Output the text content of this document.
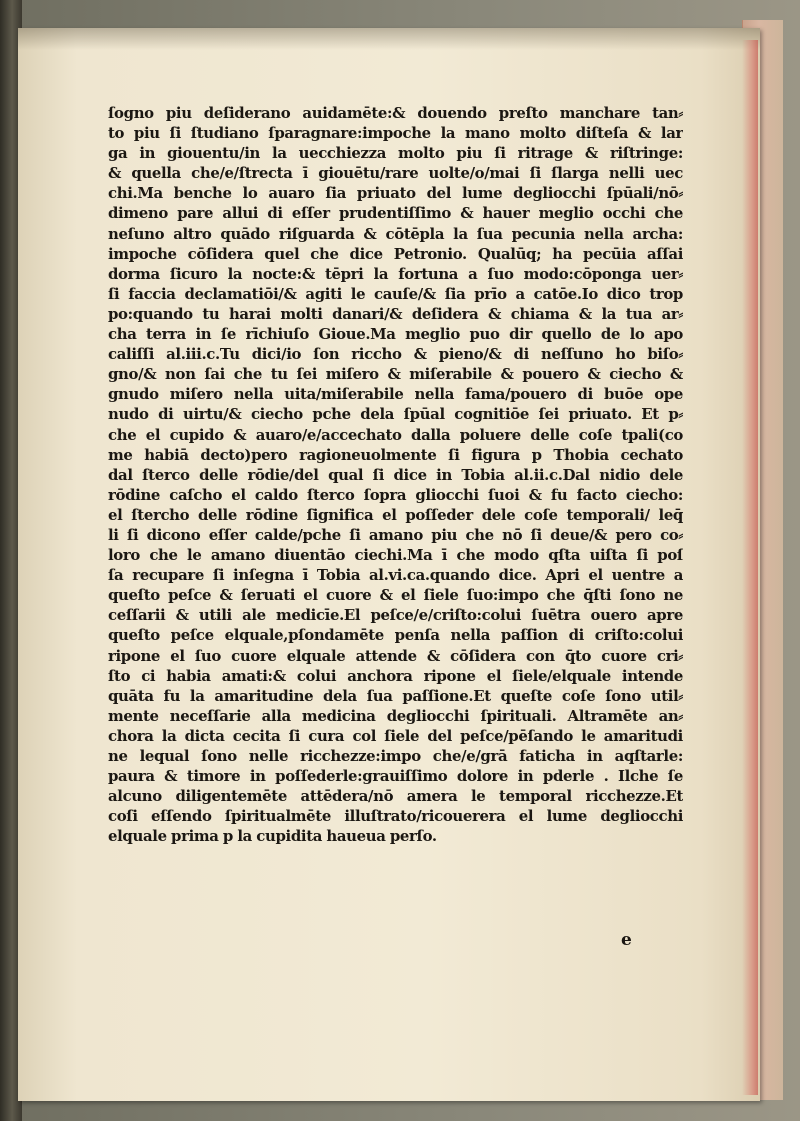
ſogno piu deſiderano auidamēte:& douendo preſto manchare tan⸗
to piu ſi ſtudiano ſparagnare:impoche la mano molto diſteſa & lar
ga in giouentu/in la uecchiezza molto piu ſi ritrage & riſtringe:
& quella che/e/ſtrecta ī giouētu/rare uolte/o/mai ſi ſlarga nelli uec
chi.Ma benche lo auaro ſia priuato del lume degliocchi ſpūali/nō⸗
dimeno pare allui di eſſer prudentiſſimo & hauer meglio occhi che
neſuno altro quādo riſguarda & cōtēpla la ſua pecunia nella archa:
impoche cōſidera quel che dice Petronio. Qualūq; ha pecūia aſſai
dorma ſicuro la nocte:& tēpri la fortuna a ſuo modo:cōponga uer⸗
ſi faccia declamatiōi/& agiti le cauſe/& ſia prīo a catōe.Io dico trop
po:quando tu harai molti danari/& deſidera & chiama & la tua ar⸗
cha terra in ſe rīchiuſo Gioue.Ma meglio puo dir quello de lo apo
caliſſi al.iii.c.Tu dici/io ſon riccho & pieno/& di neſſuno ho biſo⸗
gno/& non ſai che tu ſei miſero & miſerabile & pouero & ciecho &
gnudo miſero nella uita/miſerabile nella fama/pouero di buōe ope
nudo di uirtu/& ciecho pche dela ſpūal cognitiōe ſei priuato. Et p⸗
che el cupido & auaro/e/accechato dalla poluere delle coſe tpali(co
me habiā decto)pero ragioneuolmente ſi figura p Thobia cechato
dal ſterco delle rōdie/del qual ſi dice in Tobia al.ii.c.Dal nidio dele
rōdine caſcho el caldo ſterco ſopra gliocchi ſuoi & fu facto ciecho:
el ſtercho delle rōdine ſignifica el poſſeder dele coſe temporali/ leq̄
li ſi dicono eſſer calde/pche ſi amano piu che nō ſi deue/& pero co⸗
loro che le amano diuentāo ciechi.Ma ī che modo qſta uiſta ſi poſ
ſa recupare ſi inſegna ī Tobia al.vi.ca.quando dice. Apri el uentre a
queſto peſce & ſeruati el cuore & el ſiele ſuo:impo che q̄ſti ſono ne
ceſſarii & utili ale medicīe.El peſce/e/criſto:colui ſuētra ouero apre
queſto peſce elquale,pſondamēte penſa nella paſſion di criſto:colui
ripone el ſuo cuore elquale attende & cōſidera con q̄to cuore cri⸗
ſto ci habia amati:& colui anchora ripone el ſiele/elquale intende
quāta fu la amaritudine dela ſua paſſione.Et queſte coſe ſono util⸗
mente neceſſarie alla medicina degliocchi ſpirituali. Altramēte an⸗
chora la dicta cecita ſi cura col ſiele del peſce/pēſando le amaritudi
ne lequal ſono nelle ricchezze:impo che/e/grā faticha in aqſtarle:
paura & timore in poſſederle:grauiſſimo dolore in pderle . Ilche ſe
alcuno diligentemēte attēdera/nō amera le temporal ricchezze.Et
coſi eſſendo ſpiritualmēte illuſtrato/ricouerera el lume degliocchi
elquale prima p la cupidita haueua perſo.
e
